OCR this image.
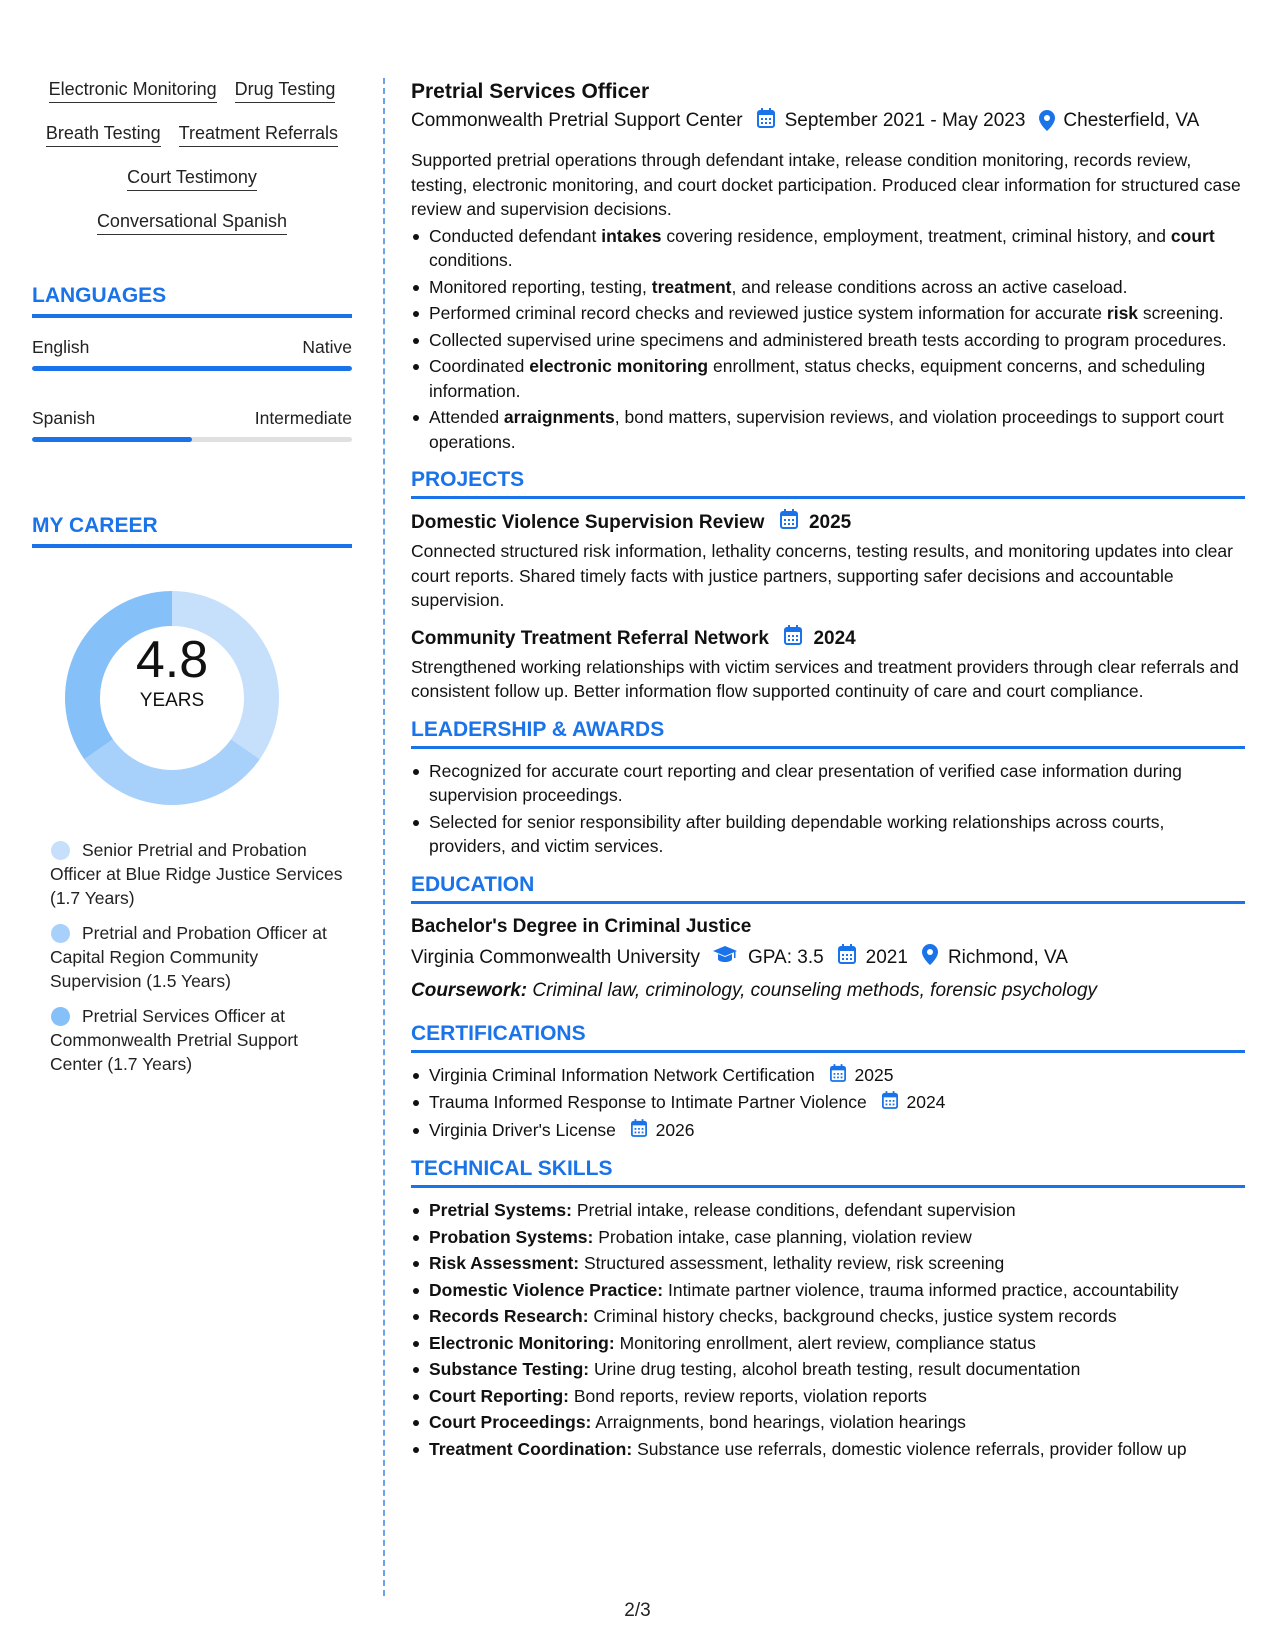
Electronic Monitoring Drug Testing
Breath Testing Treatment Referrals
Court Testimony
Conversational Spanish
LANGUAGES
English	Native
Spanish	Intermediate
MY CAREER
4.8
YEARS
Senior Pretrial and Probation Officer at Blue Ridge Justice Services (1.7 Years)
Pretrial and Probation Officer at Capital Region Community Supervision (1.5 Years)
Pretrial Services Officer at Commonwealth Pretrial Support Center (1.7 Years)
Pretrial Services Officer
Commonwealth Pretrial Support Center September 2021 - May 2023 Chesterfield, VA

Supported pretrial operations through defendant intake, release condition monitoring, records review, testing, electronic monitoring, and court docket participation. Produced clear information for structured case review and supervision decisions.

Conducted defendant intakes covering residence, employment, treatment, criminal history, and court conditions.
Monitored reporting, testing, treatment, and release conditions across an active caseload.
Performed criminal record checks and reviewed justice system information for accurate risk screening.
Collected supervised urine specimens and administered breath tests according to program procedures.
Coordinated electronic monitoring enrollment, status checks, equipment concerns, and scheduling information.
Attended arraignments, bond matters, supervision reviews, and violation proceedings to support court operations.
PROJECTS
Domestic Violence Supervision Review 2025

Connected structured risk information, lethality concerns, testing results, and monitoring updates into clear court reports. Shared timely facts with justice partners, supporting safer decisions and accountable supervision.

Community Treatment Referral Network 2024

Strengthened working relationships with victim services and treatment providers through clear referrals and consistent follow up. Better information flow supported continuity of care and court compliance.

LEADERSHIP & AWARDS
Recognized for accurate court reporting and clear presentation of verified case information during supervision proceedings.
Selected for senior responsibility after building dependable working relationships across courts, providers, and victim services.
EDUCATION
Bachelor's Degree in Criminal Justice
Virginia Commonwealth University	GPA: 3.5 2021 Richmond, VA
Coursework: Criminal law, criminology, counseling methods, forensic psychology
CERTIFICATIONS
Virginia Criminal Information Network Certification 2025
Trauma Informed Response to Intimate Partner Violence 2024
Virginia Driver's License 2026
TECHNICAL SKILLS
Pretrial Systems: Pretrial intake, release conditions, defendant supervision
Probation Systems: Probation intake, case planning, violation review
Risk Assessment: Structured assessment, lethality review, risk screening
Domestic Violence Practice: Intimate partner violence, trauma informed practice, accountability
Records Research: Criminal history checks, background checks, justice system records
Electronic Monitoring: Monitoring enrollment, alert review, compliance status
Substance Testing: Urine drug testing, alcohol breath testing, result documentation
Court Reporting: Bond reports, review reports, violation reports
Court Proceedings: Arraignments, bond hearings, violation hearings
Treatment Coordination: Substance use referrals, domestic violence referrals, provider follow up
2/3
